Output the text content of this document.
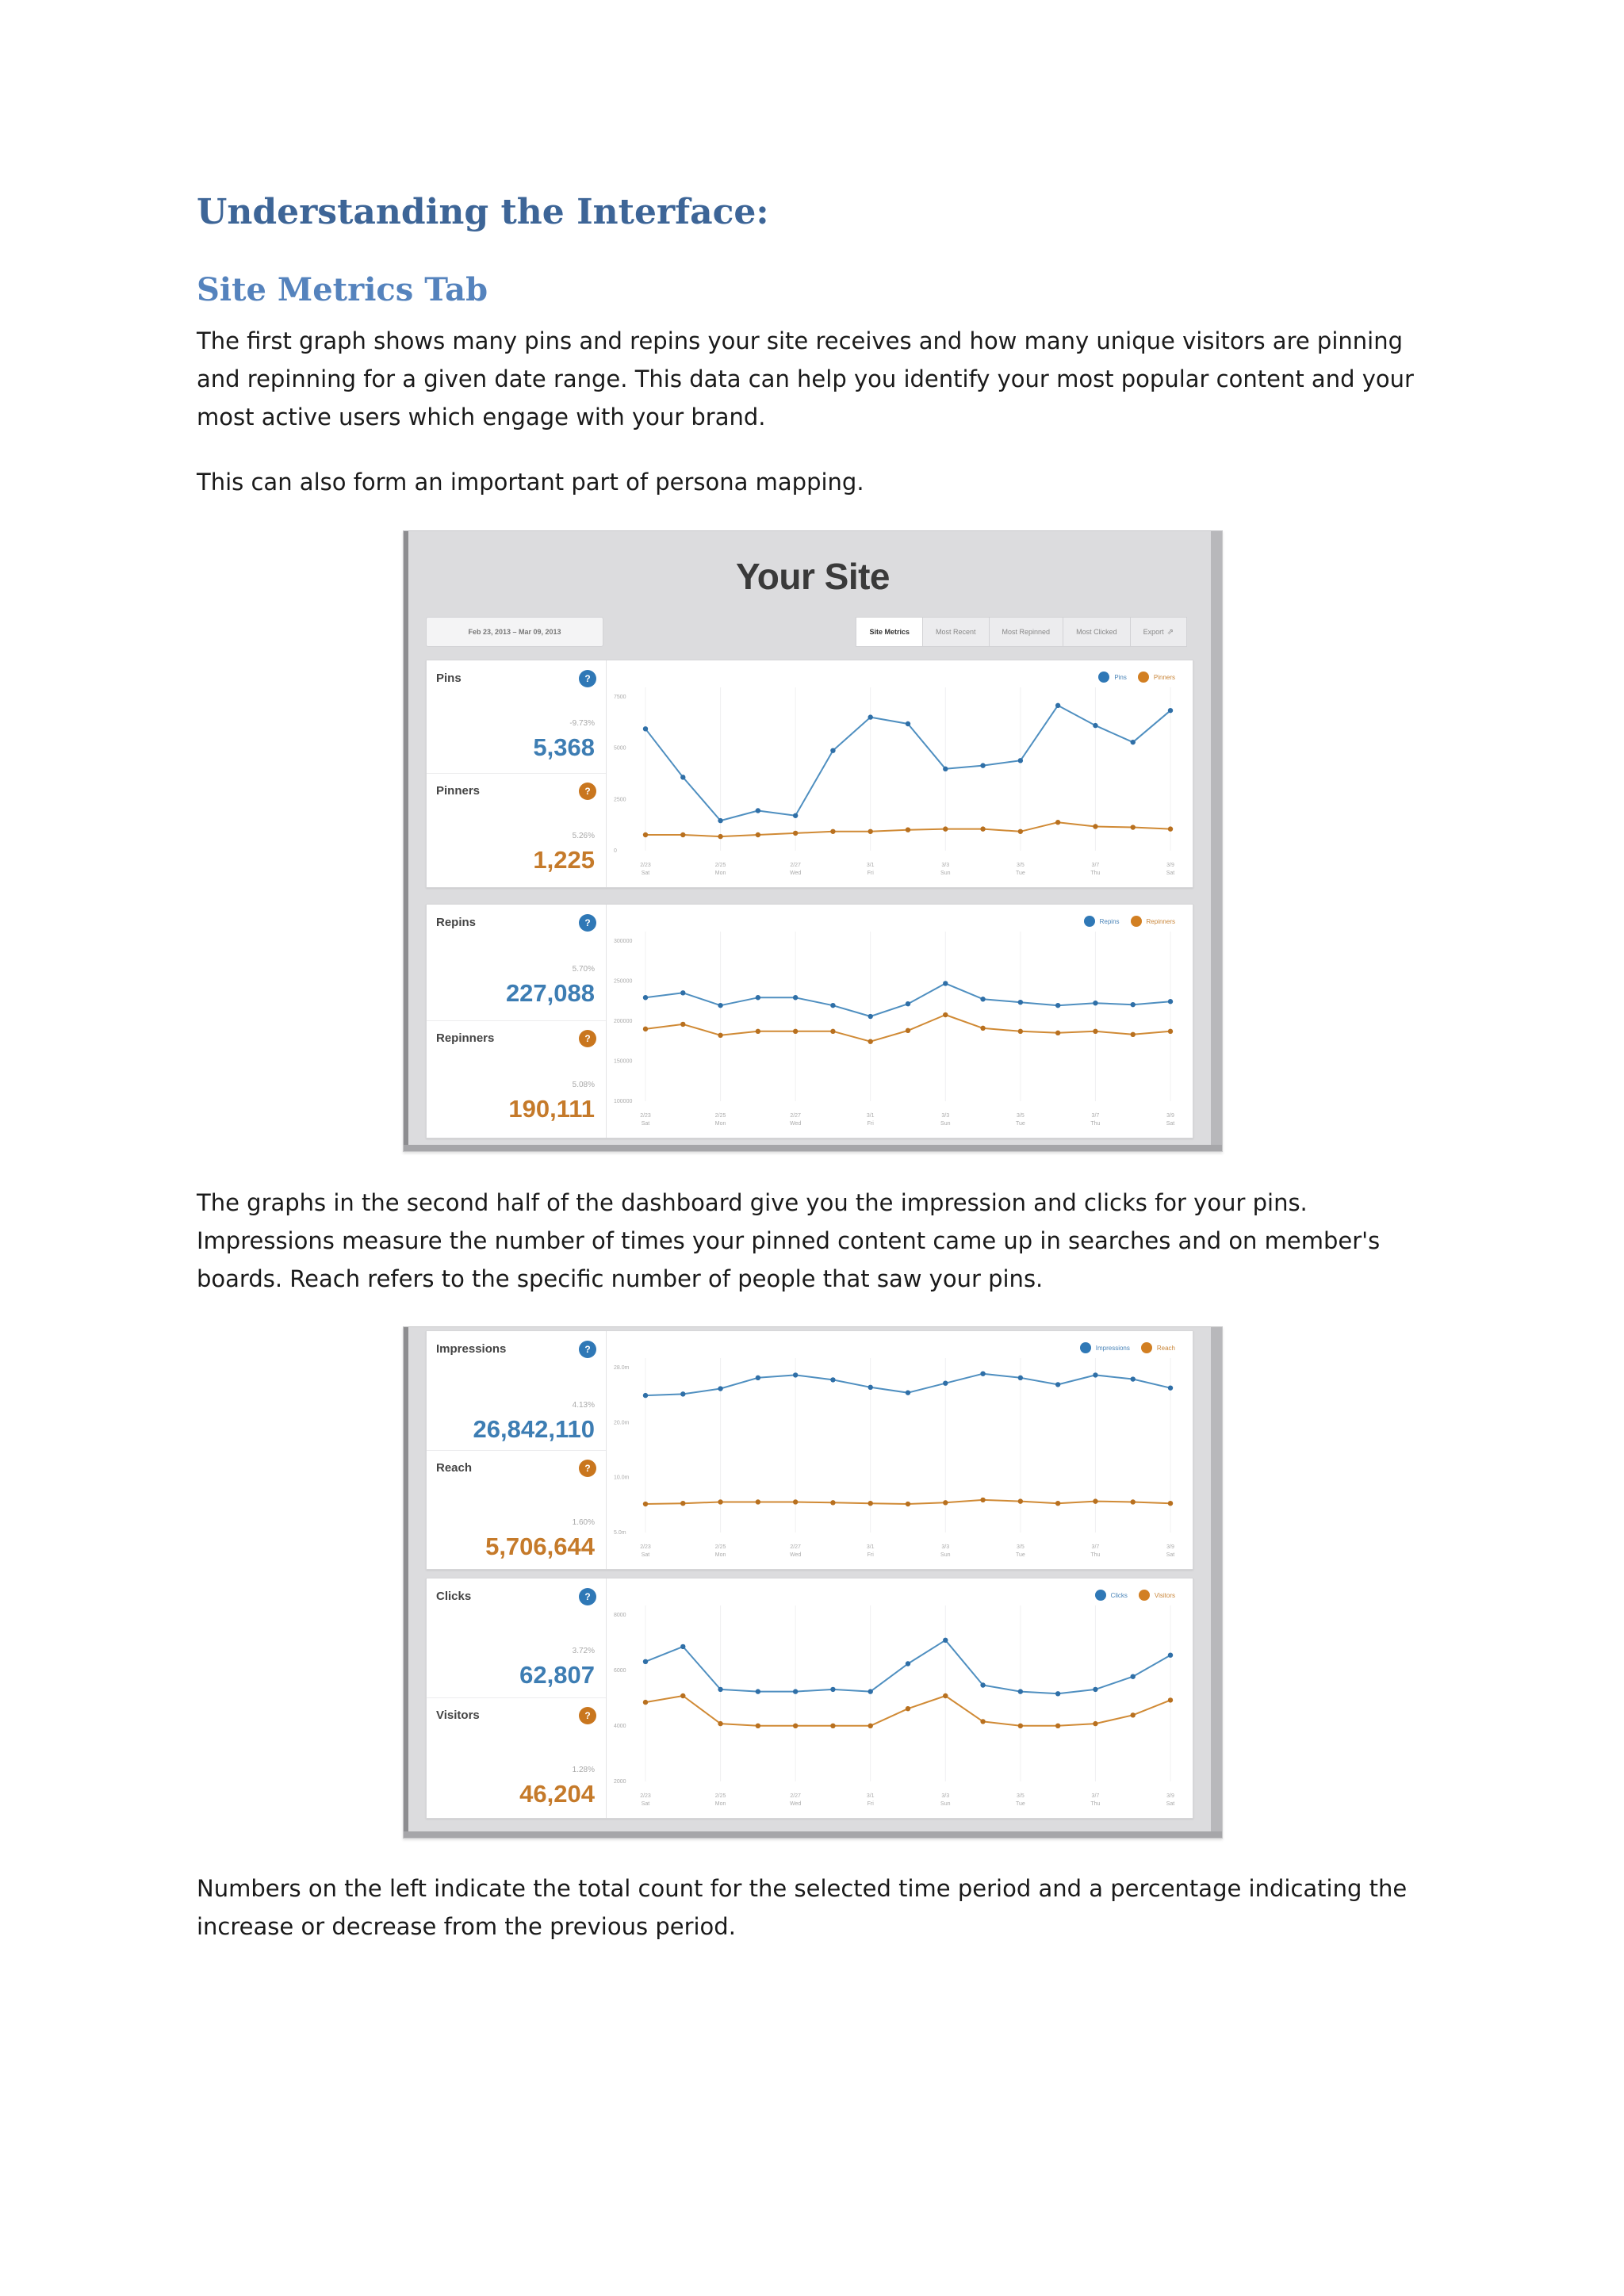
Understanding the Interface:
Site Metrics Tab

The first graph shows many pins and repins your site receives and how many unique visitors are pinning and repinning for a given date range. This data can help you identify your most popular content and your most active users which engage with your brand.

This can also form an important part of persona mapping.

Your Site
Feb 23, 2013 – Mar 09, 2013	Site Metrics	Most Recent	Most Repinned	Most Clicked	Export ⇗
Pins	?
-9.73%
5,368
Pinners	?
5.26%
1,225
7500
5000
2500
0
2/23
Sat
2/25
Mon
2/27
Wed
3/1
Fri
3/3
Sun
3/5
Tue
3/7
Thu
3/9
Sat
Pins	Pinners
Repins	?
5.70%
227,088
Repinners	?
5.08%
190,111
300000
250000
200000
150000
100000
2/23
Sat
2/25
Mon
2/27
Wed
3/1
Fri
3/3
Sun
3/5
Tue
3/7
Thu
3/9
Sat
Repins	Repinners

The graphs in the second half of the dashboard give you the impression and clicks for your pins. Impressions measure the number of times your pinned content came up in searches and on member's boards. Reach refers to the specific number of people that saw your pins.

Impressions	?
4.13%
26,842,110
Reach	?
1.60%
5,706,644
28.0m
20.0m
10.0m
5.0m
2/23
Sat
2/25
Mon
2/27
Wed
3/1
Fri
3/3
Sun
3/5
Tue
3/7
Thu
3/9
Sat
Impressions	Reach
Clicks	?
3.72%
62,807
Visitors	?
1.28%
46,204
8000
6000
4000
2000
2/23
Sat
2/25
Mon
2/27
Wed
3/1
Fri
3/3
Sun
3/5
Tue
3/7
Thu
3/9
Sat
Clicks	Visitors

Numbers on the left indicate the total count for the selected time period and a percentage indicating the increase or decrease from the previous period.
